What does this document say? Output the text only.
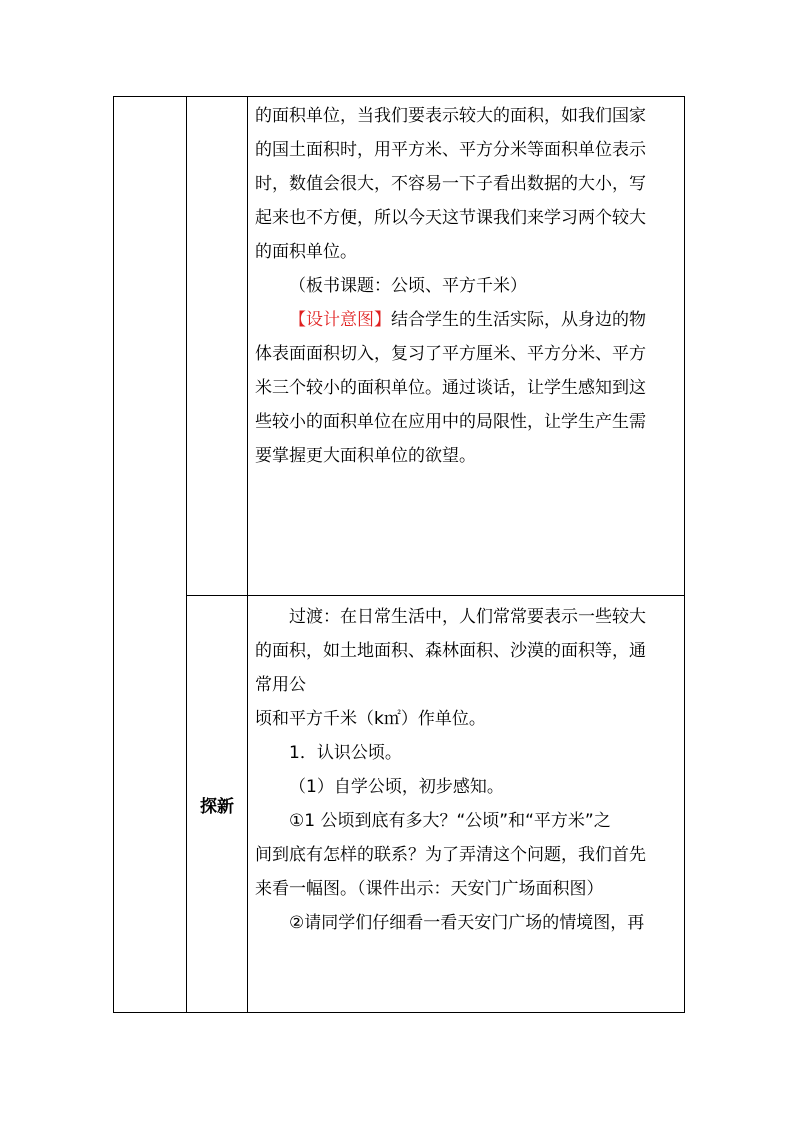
的面积单位，当我们要表示较大的面积，如我们国家

的国土面积时，用平方米、平方分米等面积单位表示

时，数值会很大，不容易一下子看出数据的大小，写

起来也不方便，所以今天这节课我们来学习两个较大

的面积单位。

（板书课题：公顷、平方千米）

【设计意图】结合学生的生活实际，从身边的物

体表面面积切入，复习了平方厘米、平方分米、平方

米三个较小的面积单位。通过谈话，让学生感知到这

些较小的面积单位在应用中的局限性，让学生产生需

要掌握更大面积单位的欲望。

探新

过渡：在日常生活中，人们常常要表示一些较大

的面积，如土地面积、森林面积、沙漠的面积等，通

常用公

顷和平方千米（k㎡）作单位。

1．认识公顷。

（1）自学公顷，初步感知。

①1 公顷到底有多大？“公顷”和“平方米”之

间到底有怎样的联系？为了弄清这个问题，我们首先

来看一幅图。（课件出示：天安门广场面积图）

②请同学们仔细看一看天安门广场的情境图，再
